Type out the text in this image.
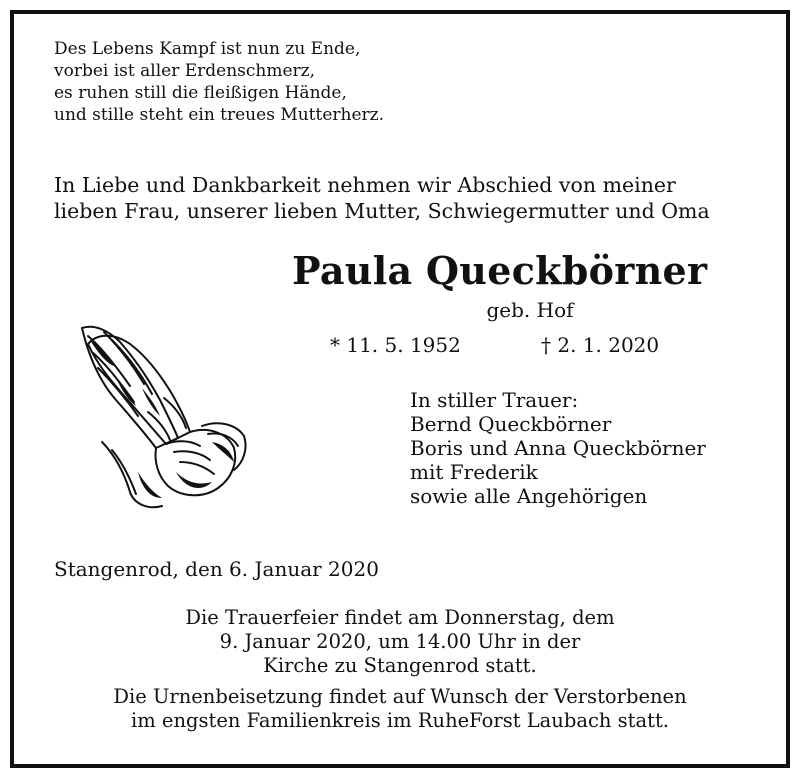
Des Lebens Kampf ist nun zu Ende,
vorbei ist aller Erdenschmerz,
es ruhen still die fleißigen Hände,
und stille steht ein treues Mutterherz.
In Liebe und Dankbarkeit nehmen wir Abschied von meiner
lieben Frau, unserer lieben Mutter, Schwiegermutter und Oma
Paula Queckbörner
geb. Hof
* 11. 5. 1952	† 2. 1. 2020
In stiller Trauer:
Bernd Queckbörner
Boris und Anna Queckbörner
mit Frederik
sowie alle Angehörigen
Stangenrod, den 6. Januar 2020
Die Trauerfeier findet am Donnerstag, dem
9. Januar 2020, um 14.00 Uhr in der
Kirche zu Stangenrod statt.
Die Urnenbeisetzung findet auf Wunsch der Verstorbenen
im engsten Familienkreis im RuheForst Laubach statt.
